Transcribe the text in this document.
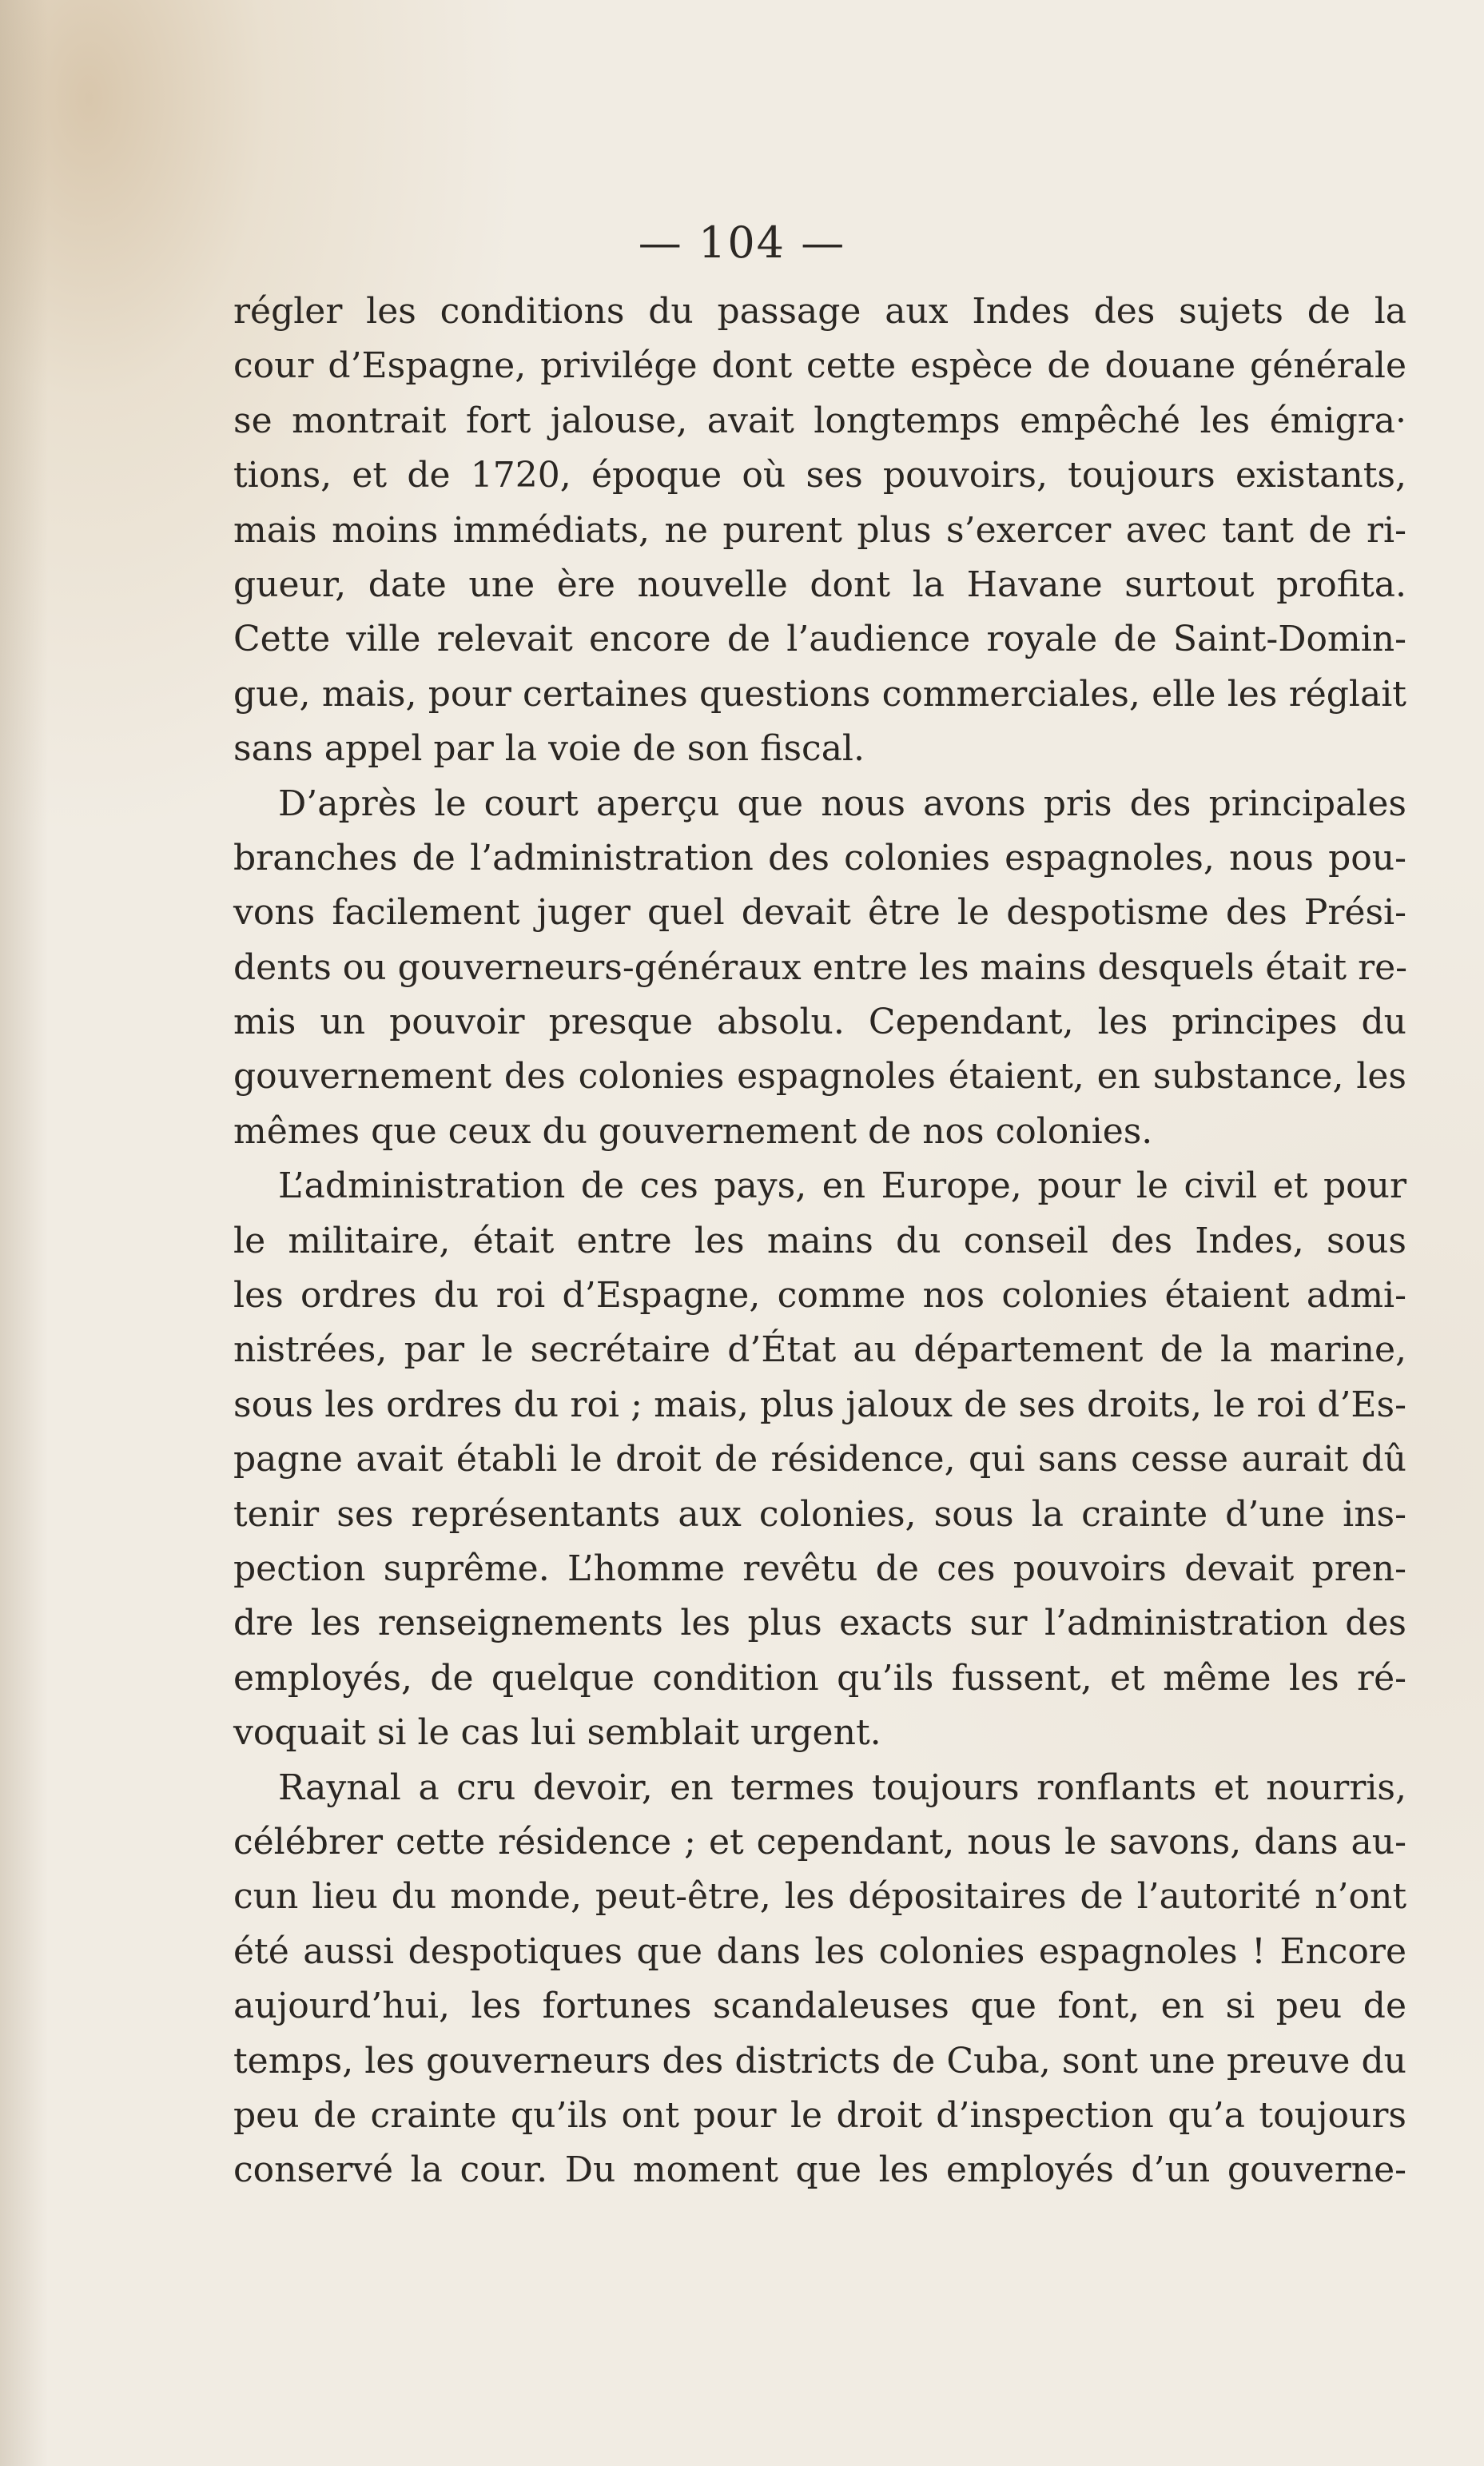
— 104 —
régler les conditions du passage aux Indes des sujets de la
cour d’Espagne, privilége dont cette espèce de douane générale
se montrait fort jalouse, avait longtemps empêché les émigra·
tions, et de 1720, époque où ses pouvoirs, toujours existants,
mais moins immédiats, ne purent plus s’exercer avec tant de ri-
gueur, date une ère nouvelle dont la Havane surtout profita.
Cette ville relevait encore de l’audience royale de Saint-Domin-
gue, mais, pour certaines questions commerciales, elle les réglait
sans appel par la voie de son fiscal.
D’après le court aperçu que nous avons pris des principales
branches de l’administration des colonies espagnoles, nous pou-
vons facilement juger quel devait être le despotisme des Prési-
dents ou gouverneurs-généraux entre les mains desquels était re-
mis un pouvoir presque absolu. Cependant, les principes du
gouvernement des colonies espagnoles étaient, en substance, les
mêmes que ceux du gouvernement de nos colonies.
L’administration de ces pays, en Europe, pour le civil et pour
le militaire, était entre les mains du conseil des Indes, sous
les ordres du roi d’Espagne, comme nos colonies étaient admi-
nistrées, par le secrétaire d’État au département de la marine,
sous les ordres du roi ; mais, plus jaloux de ses droits, le roi d’Es-
pagne avait établi le droit de résidence, qui sans cesse aurait dû
tenir ses représentants aux colonies, sous la crainte d’une ins-
pection suprême. L’homme revêtu de ces pouvoirs devait pren-
dre les renseignements les plus exacts sur l’administration des
employés, de quelque condition qu’ils fussent, et même les ré-
voquait si le cas lui semblait urgent.
Raynal a cru devoir, en termes toujours ronflants et nourris,
célébrer cette résidence ; et cependant, nous le savons, dans au-
cun lieu du monde, peut-être, les dépositaires de l’autorité n’ont
été aussi despotiques que dans les colonies espagnoles ! Encore
aujourd’hui, les fortunes scandaleuses que font, en si peu de
temps, les gouverneurs des districts de Cuba, sont une preuve du
peu de crainte qu’ils ont pour le droit d’inspection qu’a toujours
conservé la cour. Du moment que les employés d’un gouverne-
